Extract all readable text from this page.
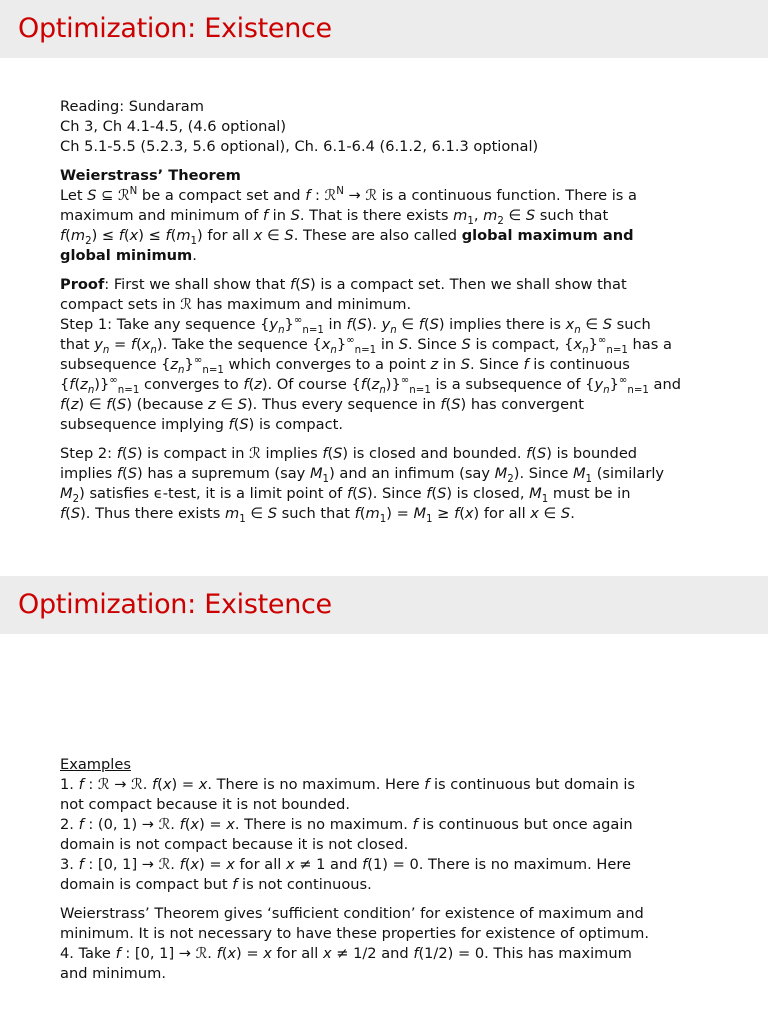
Optimization: Existence
Reading: Sundaram
Ch 3, Ch 4.1-4.5, (4.6 optional)
Ch 5.1-5.5 (5.2.3, 5.6 optional), Ch. 6.1-6.4 (6.1.2, 6.1.3 optional)
Weierstrass’ Theorem
Let S ⊆ ℛ$^N$ be a compact set and f : ℛ$^N$ → ℛ is a continuous function. There is a
maximum and minimum of f in S. That is there exists $m_1$, $m_2$ ∈ S such that
$f(m_2) \le f(x) \le f(m_1)$ for all x ∈ S. These are also called global maximum and
global minimum.
Proof: First we shall show that f(S) is a compact set. Then we shall show that
compact sets in ℛ has maximum and minimum.
Step 1: Take any sequence $\{y_n\}^\infty_{n=1}$ in f(S). $y_n$ ∈ f(S) implies there is $x_n$ ∈ S such
that $y_n = f(x_n)$. Take the sequence $\{x_n\}^\infty_{n=1}$ in S. Since S is compact, $\{x_n\}^\infty_{n=1}$ has a
subsequence $\{z_n\}^\infty_{n=1}$ which converges to a point z in S. Since f is continuous
$\{f(z_n)\}^\infty_{n=1}$ converges to f(z). Of course $\{f(z_n)\}^\infty_{n=1}$ is a subsequence of $\{y_n\}^\infty_{n=1}$ and
f(z) ∈ f(S) (because z ∈ S). Thus every sequence in f(S) has convergent
subsequence implying f(S) is compact.
Step 2: f(S) is compact in ℛ implies f(S) is closed and bounded. f(S) is bounded
implies f(S) has a supremum (say $M_1$) and an infimum (say $M_2$). Since $M_1$ (similarly
$M_2$) satisfies ϵ-test, it is a limit point of f(S). Since f(S) is closed, $M_1$ must be in
f(S). Thus there exists $m_1$ ∈ S such that $f(m_1) = M_1 \ge f(x)$ for all x ∈ S.
Optimization: Existence
Examples
1. f : ℛ → ℛ. f(x) = x. There is no maximum. Here f is continuous but domain is
not compact because it is not bounded.
2. f : (0, 1) → ℛ. f(x) = x. There is no maximum. f is continuous but once again
domain is not compact because it is not closed.
3. f : [0, 1] → ℛ. f(x) = x for all x ≠ 1 and f(1) = 0. There is no maximum. Here
domain is compact but f is not continuous.
Weierstrass’ Theorem gives ‘sufficient condition’ for existence of maximum and
minimum. It is not necessary to have these properties for existence of optimum.
4. Take f : [0, 1] → ℛ. f(x) = x for all x ≠ 1/2 and f(1/2) = 0. This has maximum
and minimum.
